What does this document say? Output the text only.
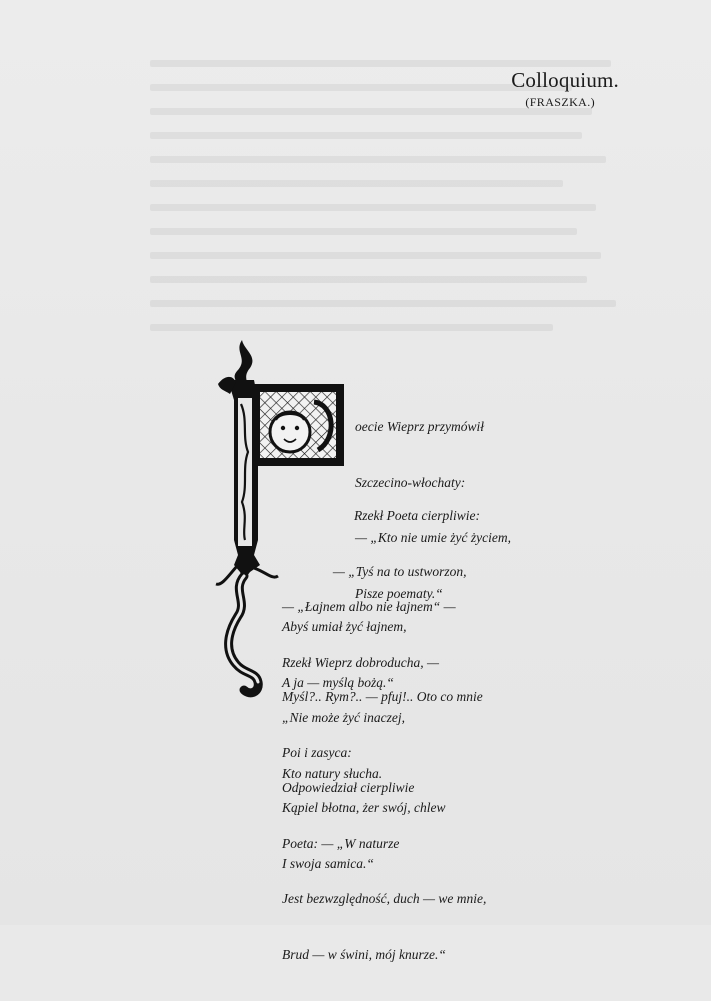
Colloquium.
(FRASZKA.)

oecie Wieprz przymówił

Szczecino-włochaty:

— „Kto nie umie żyć życiem,

Pisze poematy.“

Rzekł Poeta cierpliwie:

— „Tyś na to ustworzon,

Abyś umiał żyć łajnem,

A ja — myślą bożą.“

— „Łajnem albo nie łajnem“ —

Rzekł Wieprz dobroducha, —

„Nie może żyć inaczej,

Kto natury słucha.

Myśl?.. Rym?.. — pfuj!.. Oto co mnie

Poi i zasyca:

Kąpiel błotna, żer swój, chlew

I swoja samica.“

Odpowiedział cierpliwie

Poeta: — „W naturze

Jest bezwzględność, duch — we mnie,

Brud — w świni, mój knurze.“
